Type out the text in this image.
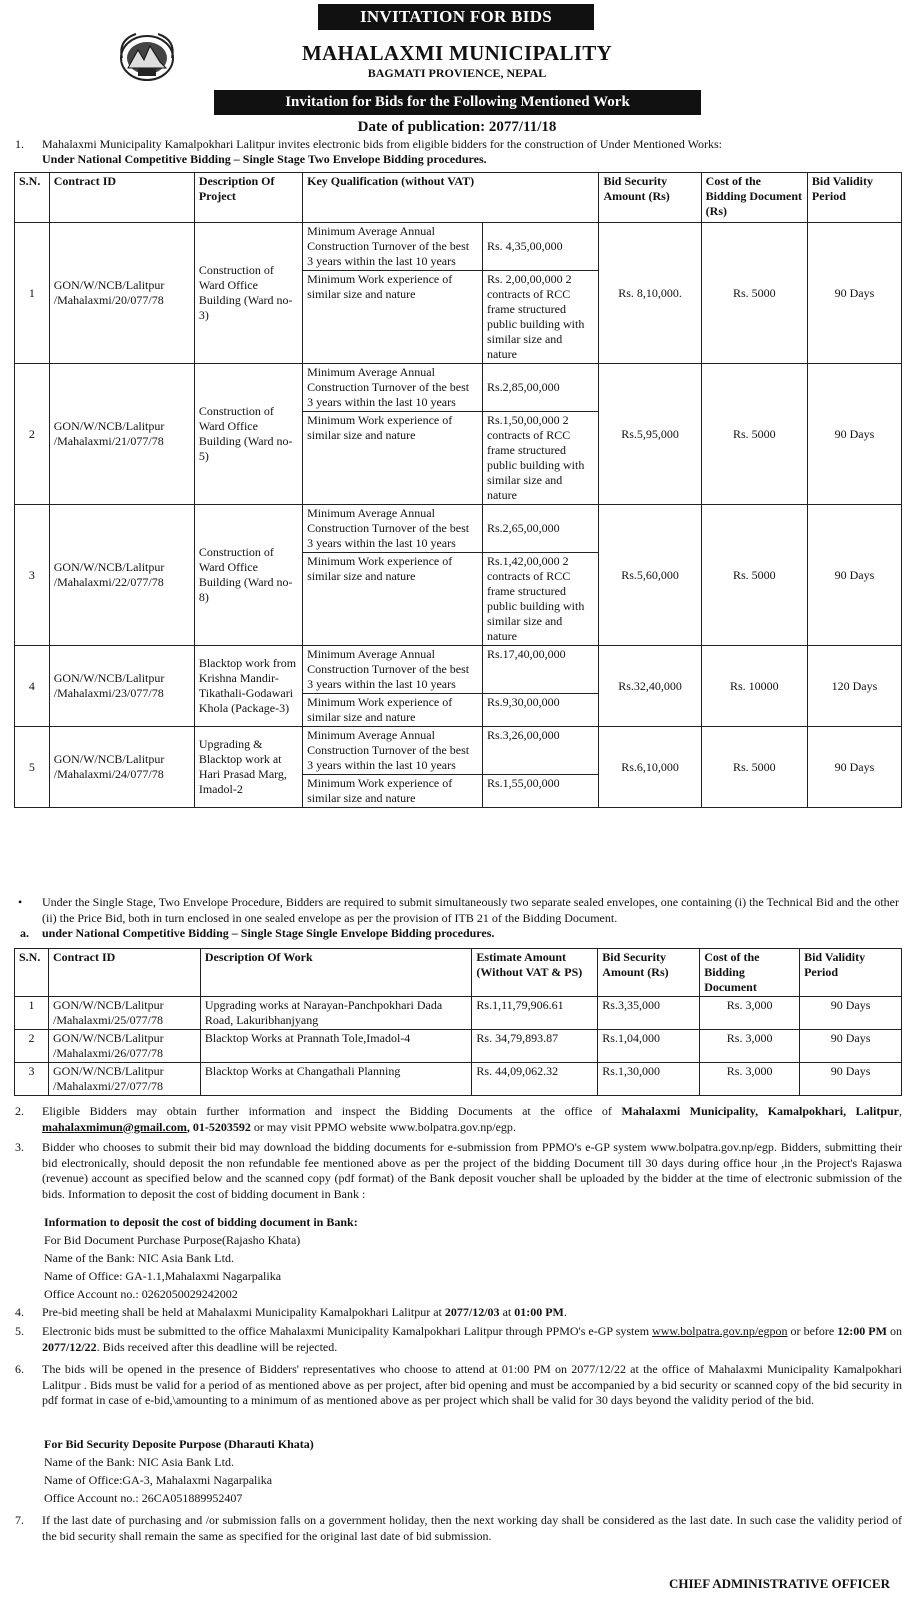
INVITATION FOR BIDS
MAHALAXMI MUNICIPALITY
BAGMATI PROVIENCE, NEPAL
Invitation for Bids for the Following Mentioned Work
Date of publication: 2077/11/18
1. Mahalaxmi Municipality Kamalpokhari Lalitpur invites electronic bids from eligible bidders for the construction of Under Mentioned Works:
Under National Competitive Bidding – Single Stage Two Envelope Bidding procedures.
S.N.	Contract ID	Description Of Project	Key Qualification (without VAT)		Bid Security Amount (Rs)	Cost of the Bidding Document (Rs)	Bid Validity Period
1	GON/W/NCB/Lalitpur /Mahalaxmi/20/077/78	Construction of Ward Office Building (Ward no-3)	Minimum Average Annual Construction Turnover of the best 3 years within the last 10 years	Rs. 4,35,00,000	Rs. 8,10,000.	Rs. 5000	90 Days
			Minimum Work experience of similar size and nature	Rs. 2,00,00,000 2 contracts of RCC frame structured public building with similar size and nature			
2	GON/W/NCB/Lalitpur /Mahalaxmi/21/077/78	Construction of Ward Office Building (Ward no-5)	Minimum Average Annual Construction Turnover of the best 3 years within the last 10 years	Rs.2,85,00,000	Rs.5,95,000	Rs. 5000	90 Days
			Minimum Work experience of similar size and nature	Rs.1,50,00,000 2 contracts of RCC frame structured public building with similar size and nature			
3	GON/W/NCB/Lalitpur /Mahalaxmi/22/077/78	Construction of Ward Office Building (Ward no-8)	Minimum Average Annual Construction Turnover of the best 3 years within the last 10 years	Rs.2,65,00,000	Rs.5,60,000	Rs. 5000	90 Days
			Minimum Work experience of similar size and nature	Rs.1,42,00,000 2 contracts of RCC frame structured public building with similar size and nature			
4	GON/W/NCB/Lalitpur /Mahalaxmi/23/077/78	Blacktop work from Krishna Mandir-Tikathali-Godawari Khola (Package-3)	Minimum Average Annual Construction Turnover of the best 3 years within the last 10 years	Rs.17,40,00,000	Rs.32,40,000	Rs. 10000	120 Days
			Minimum Work experience of similar size and nature	Rs.9,30,00,000			
5	GON/W/NCB/Lalitpur /Mahalaxmi/24/077/78	Upgrading & Blacktop work at Hari Prasad Marg, Imadol-2	Minimum Average Annual Construction Turnover of the best 3 years within the last 10 years	Rs.3,26,00,000	Rs.6,10,000	Rs. 5000	90 Days
			Minimum Work experience of similar size and nature	Rs.1,55,00,000			
• Under the Single Stage, Two Envelope Procedure, Bidders are required to submit simultaneously two separate sealed envelopes, one containing (i) the Technical Bid and the other (ii) the Price Bid, both in turn enclosed in one sealed envelope as per the provision of ITB 21 of the Bidding Document.
a. under National Competitive Bidding – Single Stage Single Envelope Bidding procedures.
S.N.	Contract ID	Description Of Work	Estimate Amount (Without VAT & PS)	Bid Security Amount (Rs)	Cost of the Bidding Document	Bid Validity Period
1	GON/W/NCB/Lalitpur /Mahalaxmi/25/077/78	Upgrading works at Narayan-Panchpokhari Dada Road, Lakuribhanjyang	Rs.1,11,79,906.61	Rs.3,35,000	Rs. 3,000	90 Days
2	GON/W/NCB/Lalitpur /Mahalaxmi/26/077/78	Blacktop Works at Prannath Tole,Imadol-4	Rs. 34,79,893.87	Rs.1,04,000	Rs. 3,000	90 Days
3	GON/W/NCB/Lalitpur /Mahalaxmi/27/077/78	Blacktop Works at Changathali Planning	Rs. 44,09,062.32	Rs.1,30,000	Rs. 3,000	90 Days
2. Eligible Bidders may obtain further information and inspect the Bidding Documents at the office of Mahalaxmi Municipality, Kamalpokhari, Lalitpur, mahalaxmimun@gmail.com, 01-5203592 or may visit PPMO website www.bolpatra.gov.np/egp.
3. Bidder who chooses to submit their bid may download the bidding documents for e-submission from PPMO's e-GP system www.bolpatra.gov.np/egp. Bidders, submitting their bid electronically, should deposit the non refundable fee mentioned above as per the project of the bidding Document till 30 days during office hour ,in the Project's Rajaswa (revenue) account as specified below and the scanned copy (pdf format) of the Bank deposit voucher shall be uploaded by the bidder at the time of electronic submission of the bids. Information to deposit the cost of bidding document in Bank :
Information to deposit the cost of bidding document in Bank:
For Bid Document Purchase Purpose(Rajasho Khata)
Name of the Bank: NIC Asia Bank Ltd.
Name of Office: GA-1.1,Mahalaxmi Nagarpalika
Office Account no.: 0262050029242002
4. Pre-bid meeting shall be held at Mahalaxmi Municipality Kamalpokhari Lalitpur at 2077/12/03 at 01:00 PM.
5. Electronic bids must be submitted to the office Mahalaxmi Municipality Kamalpokhari Lalitpur through PPMO's e-GP system www.bolpatra.gov.np/egpon or before 12:00 PM on 2077/12/22. Bids received after this deadline will be rejected.
6. The bids will be opened in the presence of Bidders' representatives who choose to attend at 01:00 PM on 2077/12/22 at the office of Mahalaxmi Municipality Kamalpokhari Lalitpur . Bids must be valid for a period of as mentioned above as per project, after bid opening and must be accompanied by a bid security or scanned copy of the bid security in pdf format in case of e-bid,\amounting to a minimum of as mentioned above as per project which shall be valid for 30 days beyond the validity period of the bid.
For Bid Security Deposite Purpose (Dharauti Khata)
Name of the Bank: NIC Asia Bank Ltd.
Name of Office:GA-3, Mahalaxmi Nagarpalika
Office Account no.: 26CA051889952407
7. If the last date of purchasing and /or submission falls on a government holiday, then the next working day shall be considered as the last date. In such case the validity period of the bid security shall remain the same as specified for the original last date of bid submission.
CHIEF ADMINISTRATIVE OFFICER
